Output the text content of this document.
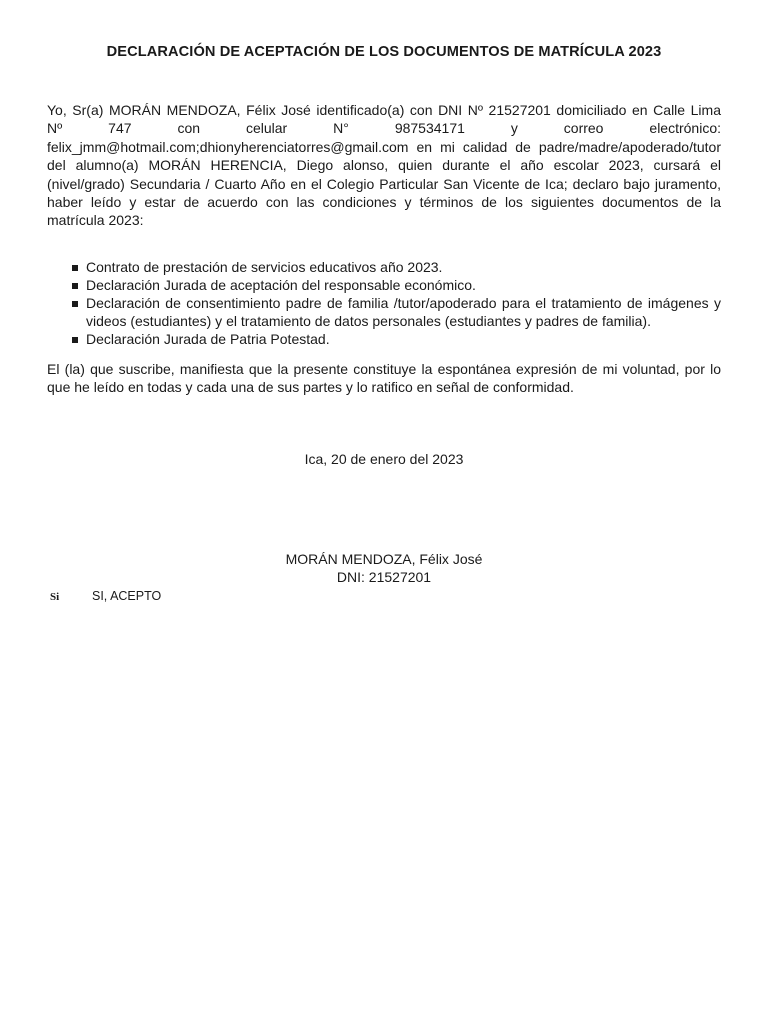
DECLARACIÓN DE ACEPTACIÓN DE LOS DOCUMENTOS DE MATRÍCULA 2023
Yo, Sr(a) MORÁN MENDOZA, Félix José identificado(a) con DNI Nº 21527201 domiciliado en Calle Lima
Nº 747 con celular N° 987534171 y correo electrónico:
felix_jmm@hotmail.com;dhionyherenciatorres@gmail.com en mi calidad de padre/madre/apoderado/tutor
del alumno(a) MORÁN HERENCIA, Diego alonso, quien durante el año escolar 2023, cursará el
(nivel/grado) Secundaria / Cuarto Año en el Colegio Particular San Vicente de Ica; declaro bajo juramento,
haber leído y estar de acuerdo con las condiciones y términos de los siguientes documentos de la
matrícula 2023:
Contrato de prestación de servicios educativos año 2023.
Declaración Jurada de aceptación del responsable económico.
Declaración de consentimiento padre de familia /tutor/apoderado para el tratamiento de imágenes y videos (estudiantes) y el tratamiento de datos personales (estudiantes y padres de familia).
Declaración Jurada de Patria Potestad.
El (la) que suscribe, manifiesta que la presente constituye la espontánea expresión de mi voluntad, por lo que he leído en todas y cada una de sus partes y lo ratifico en señal de conformidad.
Ica, 20 de enero del 2023
MORÁN MENDOZA, Félix José
DNI: 21527201
Si	SI, ACEPTO
